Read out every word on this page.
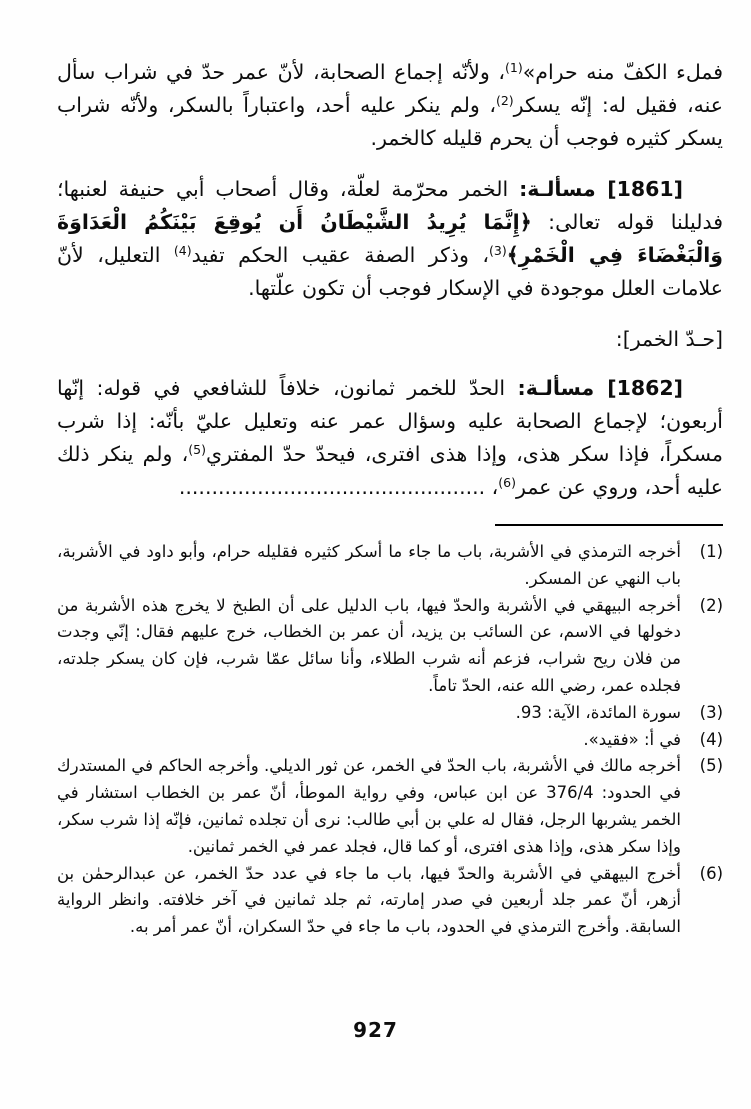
فملء الكفّ منه حرام»$^{(1)}$، ولأنّه إجماع الصحابة، لأنّ عمر حدّ في شراب سأل عنه، فقيل له: إنّه يسكر$^{(2)}$، ولم ينكر عليه أحد، واعتباراً بالسكر، ولأنّه شراب يسكر كثيره فوجب أن يحرم قليله كالخمر.

[1861] مسألـة: الخمر محرّمة لعلّة، وقال أصحاب أبي حنيفة لعنبها؛ فدليلنا قوله تعالى: ﴿إِنَّمَا يُرِيدُ الشَّيْطَانُ أَن يُوقِعَ بَيْنَكُمُ الْعَدَاوَةَ وَالْبَغْضَاءَ فِي الْخَمْرِ﴾$^{(3)}$، وذكر الصفة عقيب الحكم تفيد$^{(4)}$ التعليل، لأنّ علامات العلل موجودة في الإسكار فوجب أن تكون علّتها.

[حـدّ الخمر]:

[1862] مسألـة: الحدّ للخمر ثمانون، خلافاً للشافعي في قوله: إنّها أربعون؛ لإجماع الصحابة عليه وسؤال عمر عنه وتعليل عليّ بأنّه: إذا شرب مسكراً، فإذا سكر هذى، وإذا هذى افترى، فيحدّ حدّ المفتري$^{(5)}$، ولم ينكر ذلك عليه أحد، وروي عن عمر$^{(6)}$، ...............................................

(1)
أخرجه الترمذي في الأشربة، باب ما جاء ما أسكر كثيره فقليله حرام، وأبو داود في الأشربة، باب النهي عن المسكر.
(2)
أخرجه البيهقي في الأشربة والحدّ فيها، باب الدليل على أن الطبخ لا يخرج هذه الأشربة من دخولها في الاسم، عن السائب بن يزيد، أن عمر بن الخطاب، خرج عليهم فقال: إنّي وجدت من فلان ريح شراب، فزعم أنه شرب الطلاء، وأنا سائل عمّا شرب، فإن كان يسكر جلدته، فجلده عمر، رضي الله عنه، الحدّ تاماً.
(3)
سورة المائدة، الآية: 93.
(4)
في أ: «فقيد».
(5)
أخرجه مالك في الأشربة، باب الحدّ في الخمر، عن ثور الديلي. وأخرجه الحاكم في المستدرك في الحدود: 376/4 عن ابن عباس، وفي رواية الموطأ، أنّ عمر بن الخطاب استشار في الخمر يشربها الرجل، فقال له علي بن أبي طالب: نرى أن تجلده ثمانين، فإنّه إذا شرب سكر، وإذا سكر هذى، وإذا هذى افترى، أو كما قال، فجلد عمر في الخمر ثمانين.
(6)
أخرج البيهقي في الأشربة والحدّ فيها، باب ما جاء في عدد حدّ الخمر، عن عبدالرحمٰن بن أزهر، أنّ عمر جلد أربعين في صدر إمارته، ثم جلد ثمانين في آخر خلافته. وانظر الرواية السابقة. وأخرج الترمذي في الحدود، باب ما جاء في حدّ السكران، أنّ عمر أمر به.
927
